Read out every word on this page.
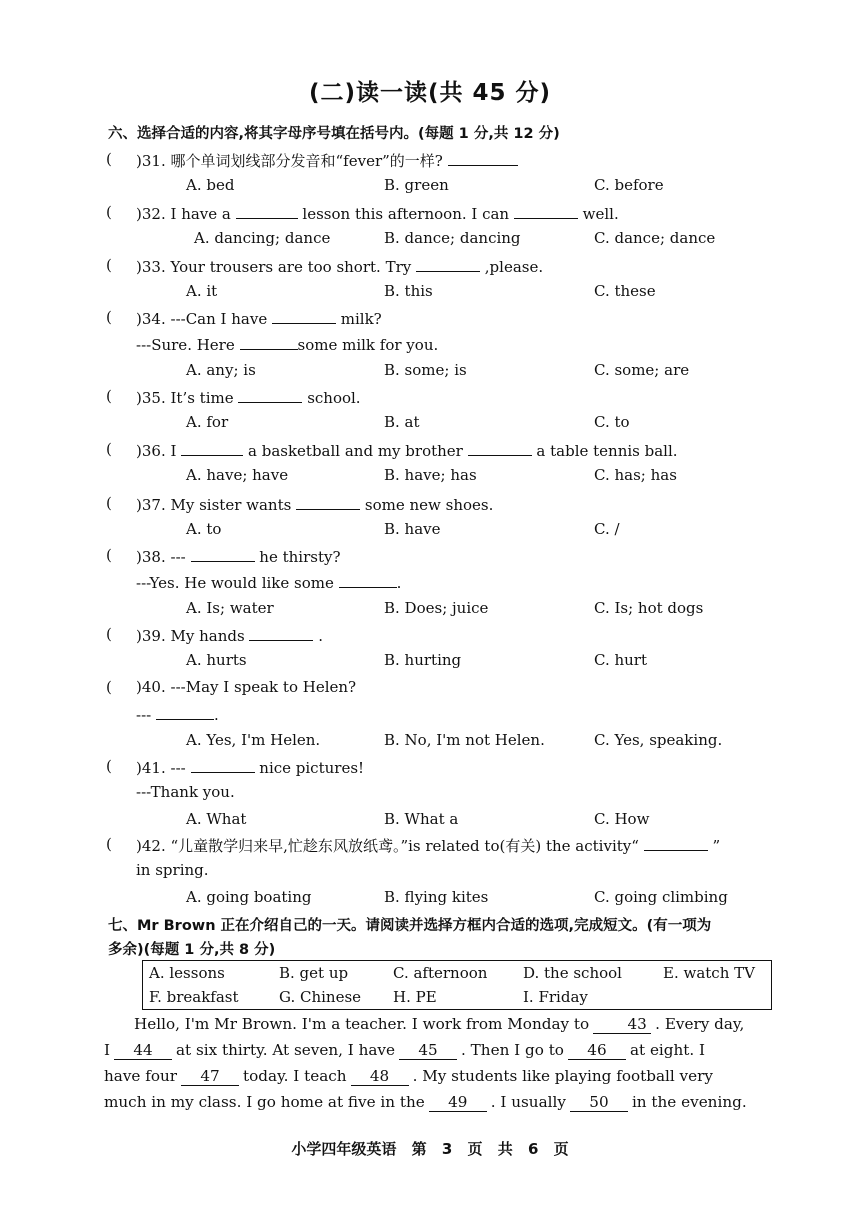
(二)读一读(共 45 分)
六、选择合适的内容,将其字母序号填在括号内。(每题 1 分,共 12 分)
( )31. 哪个单词划线部分发音和“fever”的一样?
A. bed	B. green	C. before
( )32. I have a	lesson this afternoon. I can	well.
A. dancing; dance	B. dance; dancing	C. dance; dance
( )33. Your trousers are too short. Try	,please.
A. it	B. this	C. these
( )34. ---Can I have	milk?
---Sure. Here	some milk for you.
A. any; is	B. some; is	C. some; are
( )35. It’s time	school.
A. for	B. at	C. to
( )36. I	a basketball and my brother	a table tennis ball.
A. have; have	B. have; has	C. has; has
( )37. My sister wants	some new shoes.
A. to	B. have	C. /
( )38. ---	he thirsty?
---Yes. He would like some	.
A. Is; water	B. Does; juice	C. Is; hot dogs
( )39. My hands	.
A. hurts	B. hurting	C. hurt
( )40. ---May I speak to Helen?
---	.
A. Yes, I'm Helen.	B. No, I'm not Helen.	C. Yes, speaking.
( )41. ---	nice pictures!
---Thank you.
A. What	B. What a	C. How
( )42. “儿童散学归来早,忙趁东风放纸鸢。”is related to(有关) the activity“	”
in spring.
A. going boating	B. flying kites	C. going climbing
七、Mr Brown 正在介绍自己的一天。请阅读并选择方框内合适的选项,完成短文。(有一项为
多余)(每题 1 分,共 8 分)
A. lessons	B. get up	C. afternoon D. the school	E. watch TV
F. breakfast	G. Chinese H. PE	I. Friday
Hello, I'm Mr Brown. I'm a teacher. I work from Monday to	43 . Every day,
I 44 at six thirty. At seven, I have 45 . Then I go to 46 at eight. I
have four 47 today. I teach 48 . My students like playing football very
much in my class. I go home at five in the 49 . I usually 50 in the evening.
小学四年级英语 第 3 页 共 6 页
